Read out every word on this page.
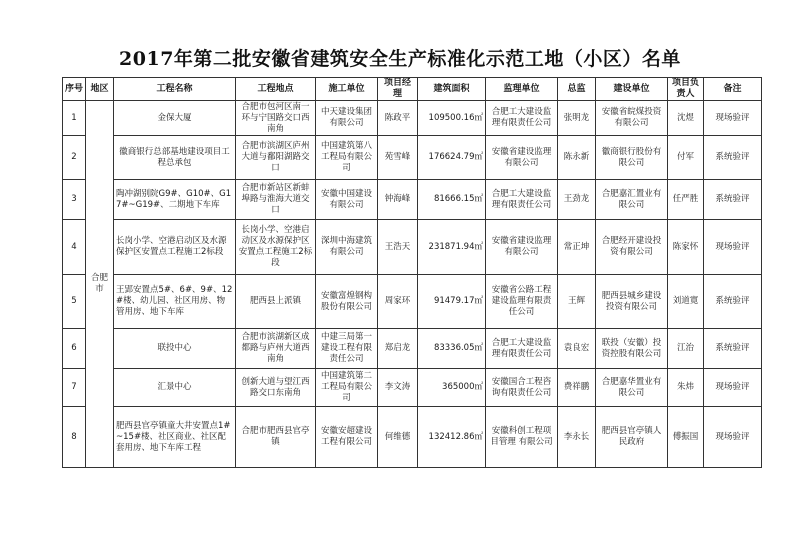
2017年第二批安徽省建筑安全生产标准化示范工地（小区）名单
序号	地区	工程名称	工程地点	施工单位	项目经理	建筑面积	监理单位	总监	建设单位	项目负责人	备注
1	合肥市	金保大厦	合肥市包河区南一环与宁国路交口西南角	中天建设集团有限公司	陈政平	109500.16㎡	合肥工大建设监理有限责任公司	张明龙	安徽省皖煤投资有限公司	沈煜	现场验评
2		徽商银行总部基地建设项目工程总承包	合肥市滨湖区庐州大道与鄱阳湖路交口	中国建筑第八工程局有限公司	苑雪峰	176624.79㎡	安徽省建设监理有限公司	陈永新	徽商银行股份有限公司	付军	系统验评
3		陶冲湖别院G9#、G10#、G17#~G19#、二期地下车库	合肥市新站区新蚌埠路与淮海大道交口	安徽中国建设有限公司	钟海峰	81666.15㎡	合肥工大建设监理有限责任公司	王劲龙	合肥嘉汇置业有限公司	任严胜	系统验评
4		长岗小学、空港启动区及水源保护区安置点工程施工2标段	长岗小学、空港启动区及水源保护区安置点工程施工2标段	深圳中海建筑有限公司	王浩天	231871.94㎡	安徽省建设监理有限公司	常正坤	合肥经开建设投资有限公司	陈家怀	现场验评
5		王郢安置点5#、6#、9#、12#楼、幼儿园、社区用房、物管用房、地下车库	肥西县上派镇	安徽富煌钢构股份有限公司	周家环	91479.17㎡	安徽省公路工程建设监理有限责任公司	王辉	肥西县城乡建设投资有限公司	刘道寛	系统验评
6		联投中心	合肥市滨湖新区成都路与庐州大道西南角	中建三局第一建设工程有限责任公司	郑启龙	83336.05㎡	合肥工大建设监理有限责任公司	袁良宏	联投（安徽）投资控股有限公司	江治	系统验评
7		汇景中心	创新大道与望江西路交口东南角	中国建筑第二工程局有限公司	李文涛	365000㎡	安徽国合工程咨询有限责任公司	费祥鹏	合肥嘉华置业有限公司	朱炜	现场验评
8		肥西县官亭镇童大井安置点1#~15#楼、社区商业、社区配套用房、地下车库工程	合肥市肥西县官亭镇	安徽安超建设工程有限公司	何维德	132412.86㎡	安徽科创工程项目管理 有限公司	李永长	肥西县官亭镇人民政府	傅振国	现场验评
